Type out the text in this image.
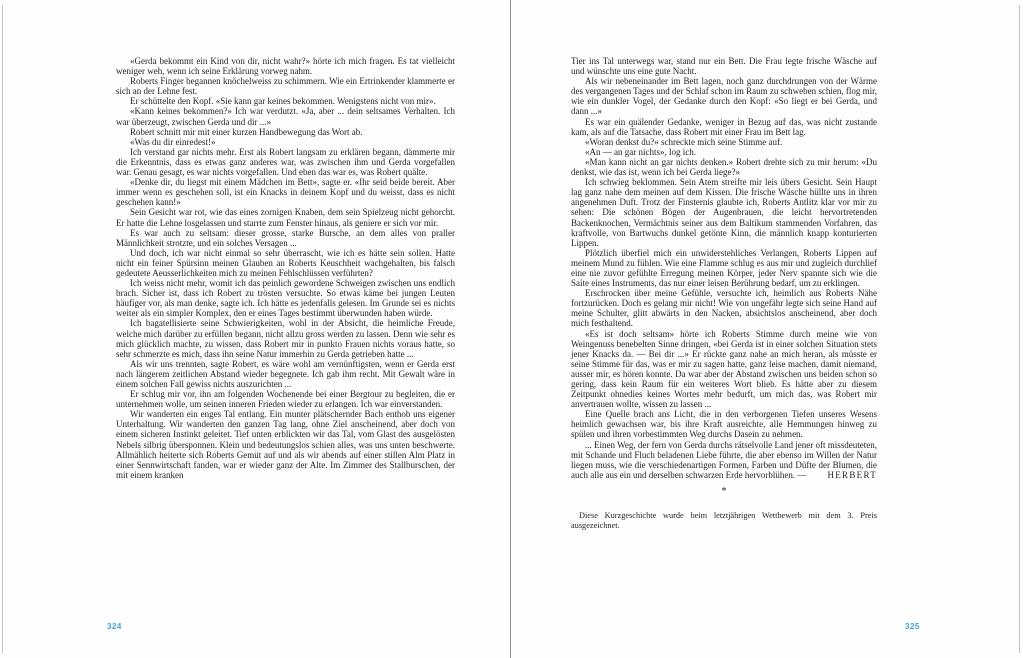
«Gerda bekommt ein Kind von dir, nicht wahr?» hörte ich mich fragen. Es tat vielleicht weniger weh, wenn ich seine Erklärung vorweg nahm.

Roberts Finger begannen knöchelweiss zu schimmern. Wie ein Ertrinkender klammerte er sich an der Lehne fest.

Er schüttelte den Kopf. «Sie kann gar keines bekommen. Wenigstens nicht von mir».

«Kann keines bekommen?» Ich war verdutzt. «Ja, aber ... dein seltsames Verhalten. Ich war überzeugt, zwischen Gerda und dir ...»

Robert schnitt mir mit einer kurzen Handbewegung das Wort ab.

«Was du dir einredest!»

Ich verstand gar nichts mehr. Erst als Robert langsam zu erklären begann, dämmerte mir die Erkenntnis, dass es etwas ganz anderes war, was zwischen ihm und Gerda vorgefallen war. Genau gesagt, es war nichts vorgefallen. Und eben das war es, was Robert quälte.

«Denke dir, du liegst mit einem Mädchen im Bett», sagte er. «Ihr seid beide bereit. Aber immer wenn es geschehen soll, ist ein Knacks in deinem Kopf und du weisst, dass es nicht geschehen kann!»

Sein Gesicht war rot, wie das eines zornigen Knaben, dem sein Spielzeug nicht gehorcht. Er hatte die Lehne losgelassen und starrte zum Fenster hinaus, als geniere er sich vor mir.

Es war auch zu seltsam: dieser grosse, starke Bursche, an dem alles von praller Männlichkeit strotzte, und ein solches Versagen ...

Und doch, ich war nicht einmal so sehr überrascht, wie ich es hätte sein sollen. Hatte nicht ein feiner Spürsinn meinen Glauben an Roberts Keuschheit wachgehalten, bis falsch gedeutete Aeusserlichkeiten mich zu meinen Fehlschlüssen verführten?

Ich weiss nicht mehr, womit ich das peinlich gewordene Schweigen zwischen uns endlich brach. Sicher ist, dass ich Robert zu trösten versuchte. So etwas käme bei jungen Leuten häufiger vor, als man denke, sagte ich. Ich hätte es jedenfalls gelesen. Im Grunde sei es nichts weiter als ein simpler Komplex, den er eines Tages bestimmt überwunden haben würde.

Ich bagatellisierte seine Schwierigkeiten, wohl in der Absicht, die heimliche Freude, welche mich darüber zu erfüllen begann, nicht allzu gross werden zu lassen. Denn wie sehr es mich glücklich machte, zu wissen, dass Robert mir in punkto Frauen nichts voraus hatte, so sehr schmerzte es mich, dass ihn seine Natur immerhin zu Gerda getrieben hatte ...

Als wir uns trennten, sagte Robert, es wäre wohl am vernünftigsten, wenn er Gerda erst nach längerem zeitlichen Abstand wieder begegnete. Ich gab ihm recht. Mit Gewalt wäre in einem solchen Fall gewiss nichts auszurichten ...

Er schlug mir vor, ihn am folgenden Wochenende bei einer Bergtour zu begleiten, die er unternehmen wolle, um seinen inneren Frieden wieder zu erlangen. Ich war einverstanden.

Wir wanderten ein enges Tal entlang. Ein munter plätschernder Bach enthob uns eigener Unterhaltung. Wir wanderten den ganzen Tag lang, ohne Ziel anscheinend, aber doch von einem sicheren Instinkt geleitet. Tief unten erblickten wir das Tal, vom Glast des ausgelösten Nebels silbrig übersponnen. Klein und bedeutungslos schien alles, was uns unten beschwerte. Allmählich heiterte sich Roberts Gemüt auf und als wir abends auf einer stillen Alm Platz in einer Sennwirtschaft fanden, war er wieder ganz der Alte. Im Zimmer des Stallburschen, der mit einem kranken

Tier ins Tal unterwegs war, stand nur ein Bett. Die Frau legte frische Wäsche auf und wünschte uns eine gute Nacht.

Als wir nebeneinander im Bett lagen, noch ganz durchdrungen von der Wärme des vergangenen Tages und der Schlaf schon im Raum zu schweben schien, flog mir, wie ein dunkler Vogel, der Gedanke durch den Kopf: «So liegt er bei Gerda, und dann ...»

Es war ein quälender Gedanke, weniger in Bezug auf das, was nicht zustande kam, als auf die Tatsache, dass Robert mit einer Frau im Bett lag.

«Woran denkst du?» schreckte mich seine Stimme auf.

«An — an gar nichts», log ich.

«Man kann nicht an gar nichts denken.» Robert drehte sich zu mir herum: «Du denkst, wie das ist, wenn ich bei Gerda liege?»

Ich schwieg beklommen. Sein Atem streifte mir leis übers Gesicht. Sein Haupt lag ganz nahe dem meinen auf dem Kissen. Die frische Wäsche hüllte uns in ihren angenehmen Duft. Trotz der Finsternis glaubte ich, Roberts Antlitz klar vor mir zu sehen: Die schönen Bögen der Augenbrauen, die leicht hervortretenden Backenknochen, Vermächtnis seiner aus dem Baltikum stammenden Vorfahren, das kraftvolle, von Bartwuchs dunkel getönte Kinn, die männlich knapp konturierten Lippen.

Plötzlich überfiel mich ein unwiderstehliches Verlangen, Roberts Lippen auf meinem Mund zu fühlen. Wie eine Flamme schlug es aus mir und zugleich durchlief eine nie zuvor gefühlte Erregung meinen Körper, jeder Nerv spannte sich wie die Saite eines Instruments, das nur einer leisen Berührung bedarf, um zu erklingen.

Erschrocken über meine Gefühle, versuchte ich, heimlich aus Roberts Nähe fortzurücken. Doch es gelang mir nicht! Wie von ungefähr legte sich seine Hand auf meine Schulter, glitt abwärts in den Nacken, absichtslos anscheinend, aber doch mich festhaltend.

«Es ist doch seltsam» hörte ich Roberts Stimme durch meine wie von Weingenuss benebelten Sinne dringen, «bei Gerda ist in einer solchen Situation stets jener Knacks da. — Bei dir ...» Er rückte ganz nahe an mich heran, als müsste er seine Stimme für das, was er mir zu sagen hatte, ganz leise machen, damit niemand, ausser mir, es hören konnte. Da war aber der Abstand zwischen uns beiden schon so gering, dass kein Raum für ein weiteres Wort blieb. Es hätte aber zu diesem Zeitpunkt ohnedies keines Wortes mehr bedurft, um mich das, was Robert mir anvertrauen wollte, wissen zu lassen ...

Eine Quelle brach ans Licht, die in den verborgenen Tiefen unseres Wesens heimlich gewachsen war, bis ihre Kraft ausreichte, alle Hemmungen hinweg zu spülen und ihren vorbestimmten Weg durchs Dasein zu nehmen.

... Einen Weg, der fern von Gerda durchs rätselvolle Land jener oft missdeuteten, mit Schande und Fluch beladenen Liebe führte, die aber ebenso im Willen der Natur liegen muss, wie die verschiedenartigen Formen, Farben und Düfte der Blumen, die auch alle aus ein und derselben schwarzen Erde hervorblühen. —	HERBERT

*

Diese Kurzgeschichte wurde beim letztjährigen Wettbewerb mit dem 3. Preis ausgezeichnet.

324	325
